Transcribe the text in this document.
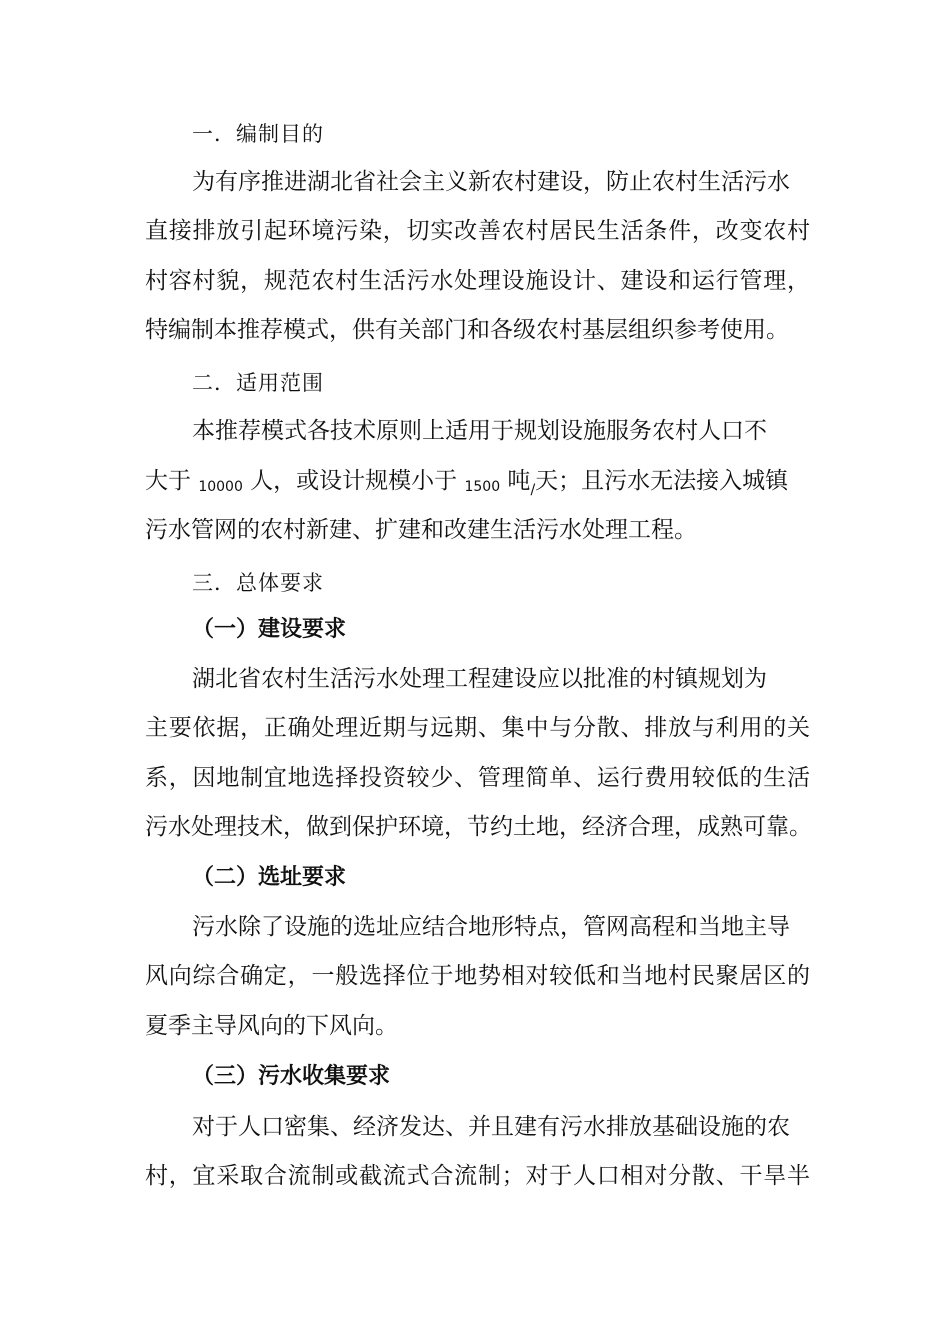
一．编制目的
为有序推进湖北省社会主义新农村建设，防止农村生活污水
直接排放引起环境污染，切实改善农村居民生活条件，改变农村
村容村貌，规范农村生活污水处理设施设计、建设和运行管理，
特编制本推荐模式，供有关部门和各级农村基层组织参考使用。
二．适用范围
本推荐模式各技术原则上适用于规划设施服务农村人口不
大于 10000 人，或设计规模小于 1500 吨$_/$天；且污水无法接入城镇
污水管网的农村新建、扩建和改建生活污水处理工程。
三．总体要求
（一）建设要求
湖北省农村生活污水处理工程建设应以批准的村镇规划为
主要依据，正确处理近期与远期、集中与分散、排放与利用的关
系，因地制宜地选择投资较少、管理简单、运行费用较低的生活
污水处理技术，做到保护环境，节约土地，经济合理，成熟可靠。
（二）选址要求
污水除了设施的选址应结合地形特点，管网高程和当地主导
风向综合确定，一般选择位于地势相对较低和当地村民聚居区的
夏季主导风向的下风向。
（三）污水收集要求
对于人口密集、经济发达、并且建有污水排放基础设施的农
村，宜采取合流制或截流式合流制；对于人口相对分散、干旱半
